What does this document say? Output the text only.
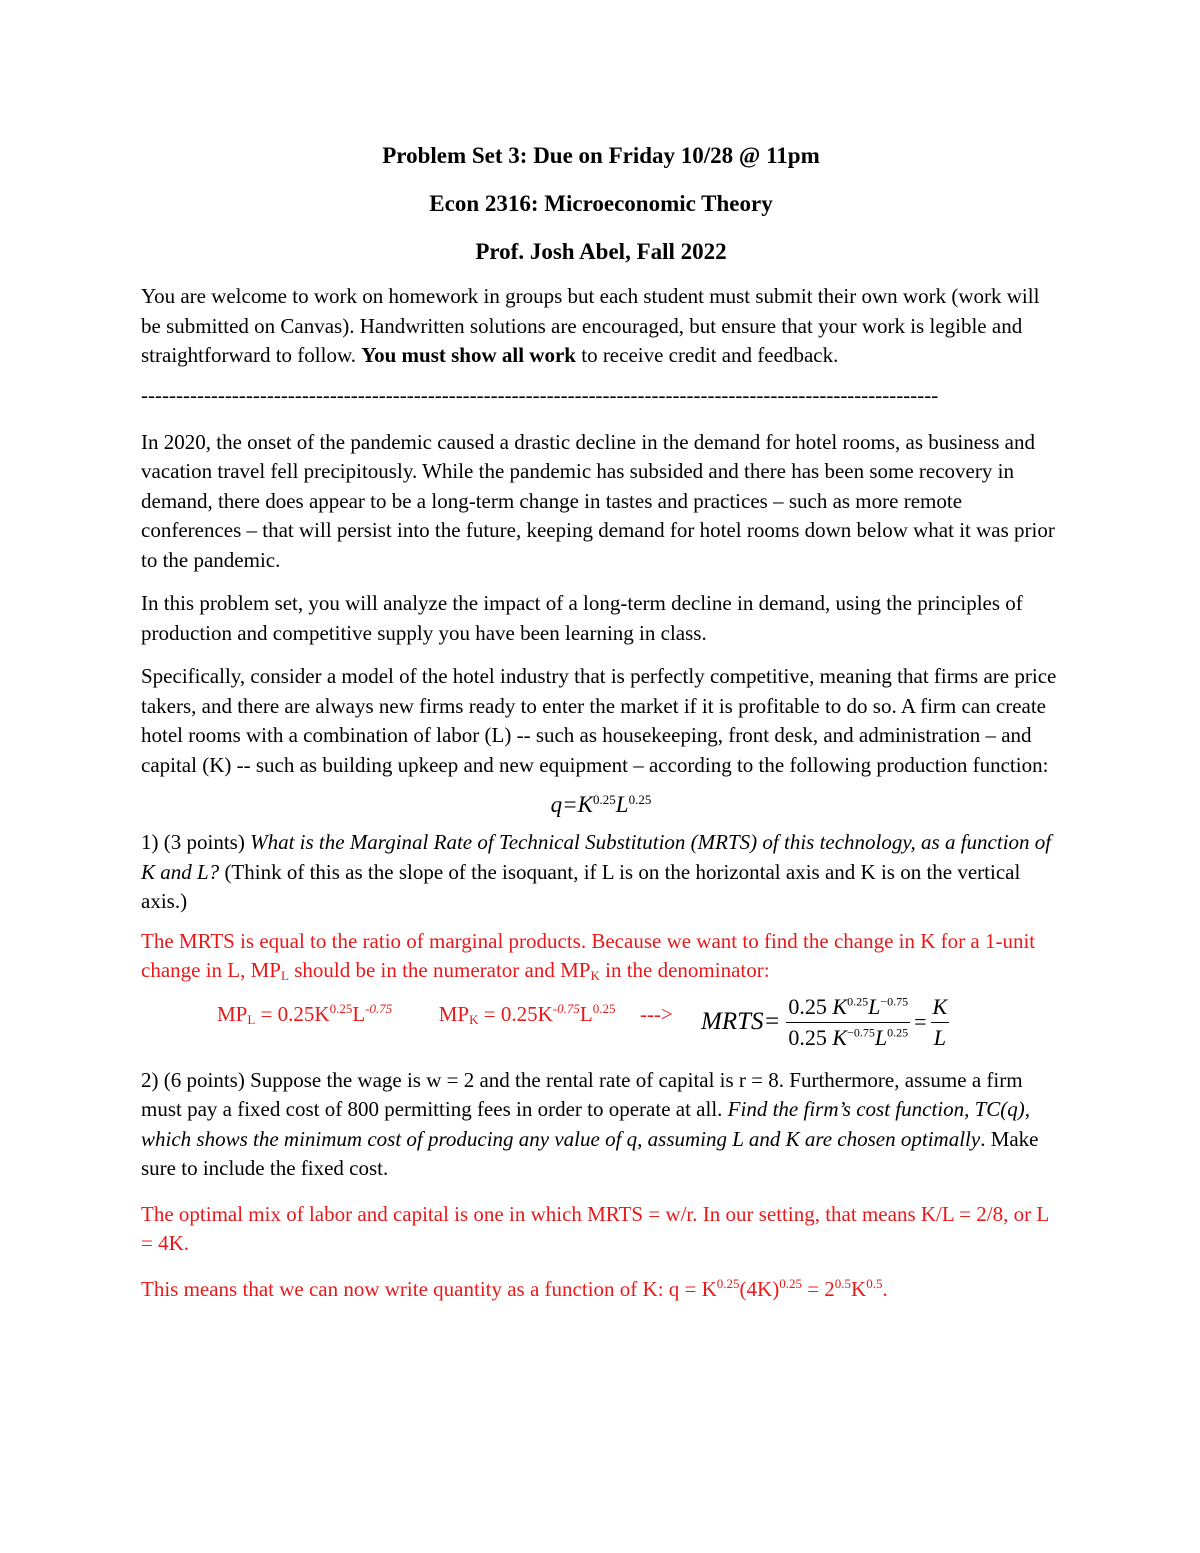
Problem Set 3: Due on Friday 10/28 @ 11pm
Econ 2316: Microeconomic Theory
Prof. Josh Abel, Fall 2022

You are welcome to work on homework in groups but each student must submit their own work (work will be submitted on Canvas). Handwritten solutions are encouraged, but ensure that your work is legible and straightforward to follow. You must show all work to receive credit and feedback.

------------------------------------------------------------------------------------------------------------------

In 2020, the onset of the pandemic caused a drastic decline in the demand for hotel rooms, as business and vacation travel fell precipitously. While the pandemic has subsided and there has been some recovery in demand, there does appear to be a long-term change in tastes and practices – such as more remote conferences – that will persist into the future, keeping demand for hotel rooms down below what it was prior to the pandemic.

In this problem set, you will analyze the impact of a long-term decline in demand, using the principles of production and competitive supply you have been learning in class.

Specifically, consider a model of the hotel industry that is perfectly competitive, meaning that firms are price takers, and there are always new firms ready to enter the market if it is profitable to do so. A firm can create hotel rooms with a combination of labor (L) -- such as housekeeping, front desk, and administration – and capital (K) -- such as building upkeep and new equipment – according to the following production function:

$q=K^{0.25}L^{0.25}$

1) (3 points) What is the Marginal Rate of Technical Substitution (MRTS) of this technology, as a function of K and L? (Think of this as the slope of the isoquant, if L is on the horizontal axis and K is on the vertical axis.)

The MRTS is equal to the ratio of marginal products. Because we want to find the change in K for a 1-unit change in L, $MP_L$ should be in the numerator and $MP_K$ in the denominator:

$MP_L = 0.25K^{0.25}L^{-0.75}$ $MP_K = 0.25K^{-0.75}L^{0.25}$ ---> MRTS= $\frac{0.25 K^{0.25}L^{-0.75}}{0.25 K^{-0.75}L^{0.25}} = \frac{K}{L}$

2) (6 points) Suppose the wage is w = 2 and the rental rate of capital is r = 8. Furthermore, assume a firm must pay a fixed cost of 800 permitting fees in order to operate at all. Find the firm’s cost function, TC(q), which shows the minimum cost of producing any value of q, assuming L and K are chosen optimally. Make sure to include the fixed cost.

The optimal mix of labor and capital is one in which MRTS = w/r. In our setting, that means K/L = 2/8, or L = 4K.

This means that we can now write quantity as a function of K: $q = K^{0.25}(4K)^{0.25} = 2^{0.5}K^{0.5}$.
